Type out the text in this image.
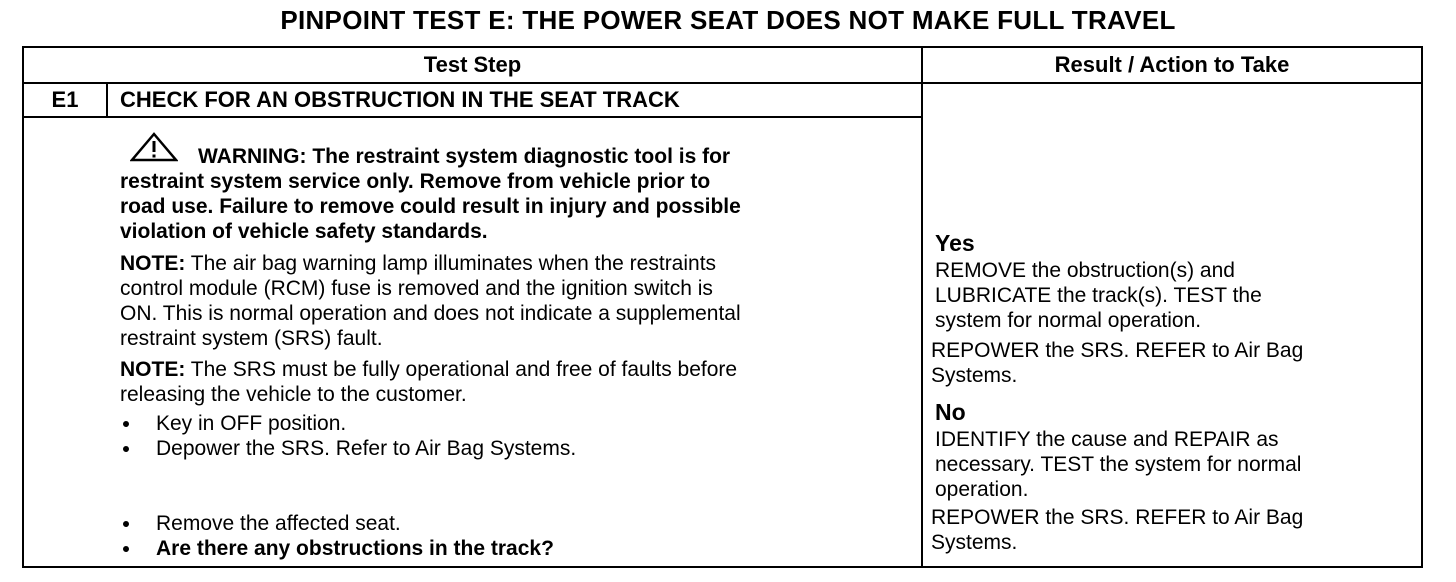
PINPOINT TEST E: THE POWER SEAT DOES NOT MAKE FULL TRAVEL
Test Step	Result / Action to Take
E1	CHECK FOR AN OBSTRUCTION IN THE SEAT TRACK
WARNING: The restraint system diagnostic tool is for
restraint system service only. Remove from vehicle prior to
road use. Failure to remove could result in injury and possible
violation of vehicle safety standards.
NOTE: The air bag warning lamp illuminates when the restraints
control module (RCM) fuse is removed and the ignition switch is
ON. This is normal operation and does not indicate a supplemental
restraint system (SRS) fault.
NOTE: The SRS must be fully operational and free of faults before
releasing the vehicle to the customer.
Key in OFF position.
Depower the SRS. Refer to Air Bag Systems.
Remove the affected seat.
Are there any obstructions in the track?
Yes
REMOVE the obstruction(s) and
LUBRICATE the track(s). TEST the
system for normal operation.
REPOWER the SRS. REFER to Air Bag
Systems.
No
IDENTIFY the cause and REPAIR as
necessary. TEST the system for normal
operation.
REPOWER the SRS. REFER to Air Bag
Systems.
